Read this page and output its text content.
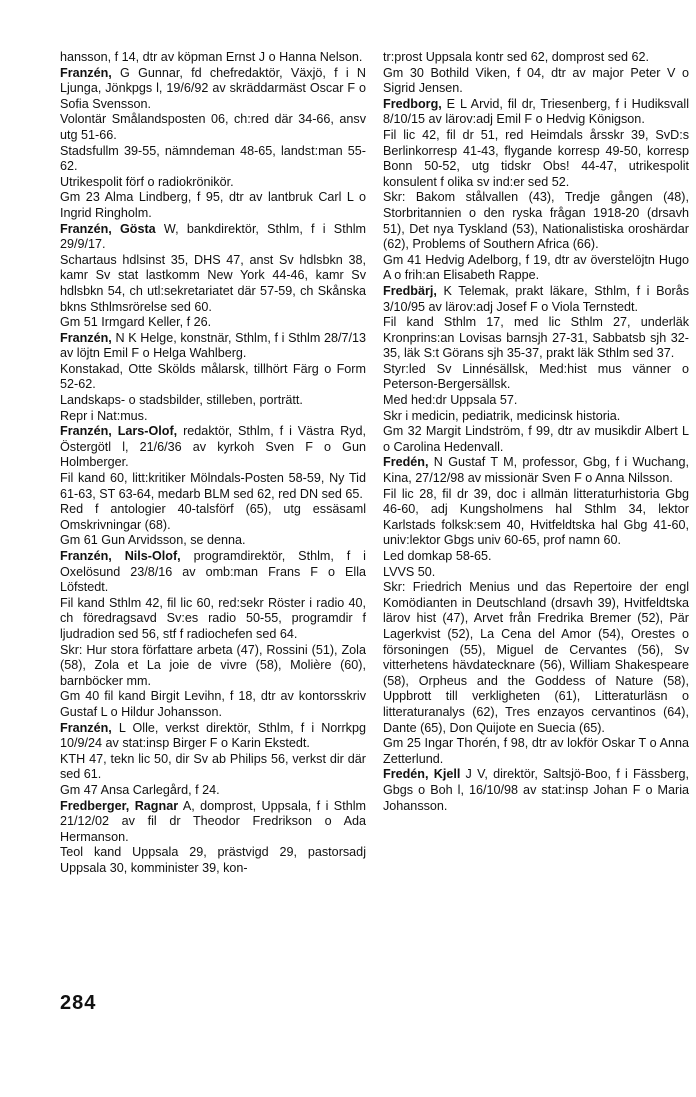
hansson, f 14, dtr av köpman Ernst J o Hanna Nelson.

Franzén, G Gunnar, fd chefredaktör, Växjö, f i N Ljunga, Jönkpgs l, 19/6/92 av skräddarmäst Oscar F o Sofia Svensson.

Volontär Smålandsposten 06, ch:red där 34-66, ansv utg 51-66.

Stadsfullm 39-55, nämndeman 48-65, landst:man 55-62.

Utrikespolit förf o radiokrönikör.

Gm 23 Alma Lindberg, f 95, dtr av lantbruk Carl L o Ingrid Ringholm.

Franzén, Gösta W, bankdirektör, Sthlm, f i Sthlm 29/9/17.

Schartaus hdlsinst 35, DHS 47, anst Sv hdlsbkn 38, kamr Sv stat lastkomm New York 44-46, kamr Sv hdlsbkn 54, ch utl:sekretariatet där 57-59, ch Skånska bkns Sthlmsrörelse sed 60.

Gm 51 Irmgard Keller, f 26.

Franzén, N K Helge, konstnär, Sthlm, f i Sthlm 28/7/13 av löjtn Emil F o Helga Wahlberg.

Konstakad, Otte Skölds målarsk, tillhört Färg o Form 52-62.

Landskaps- o stadsbilder, stilleben, porträtt.

Repr i Nat:mus.

Franzén, Lars-Olof, redaktör, Sthlm, f i Västra Ryd, Östergötl l, 21/6/36 av kyrkoh Sven F o Gun Holmberger.

Fil kand 60, litt:kritiker Mölndals-Posten 58-59, Ny Tid 61-63, ST 63-64, medarb BLM sed 62, red DN sed 65.

Red f antologier 40-talsförf (65), utg essäsaml Omskrivningar (68).

Gm 61 Gun Arvidsson, se denna.

Franzén, Nils-Olof, programdirektör, Sthlm, f i Oxelösund 23/8/16 av omb:man Frans F o Ella Löfstedt.

Fil kand Sthlm 42, fil lic 60, red:sekr Röster i radio 40, ch föredragsavd Sv:es radio 50-55, programdir f ljudradion sed 56, stf f radiochefen sed 64.

Skr: Hur stora författare arbeta (47), Rossini (51), Zola (58), Zola et La joie de vivre (58), Molière (60), barnböcker mm.

Gm 40 fil kand Birgit Levihn, f 18, dtr av kontorsskriv Gustaf L o Hildur Johansson.

Franzén, L Olle, verkst direktör, Sthlm, f i Norrkpg 10/9/24 av stat:insp Birger F o Karin Ekstedt.

KTH 47, tekn lic 50, dir Sv ab Philips 56, verkst dir där sed 61.

Gm 47 Ansa Carlegård, f 24.

Fredberger, Ragnar A, domprost, Uppsala, f i Sthlm 21/12/02 av fil dr Theodor Fredrikson o Ada Hermanson.

Teol kand Uppsala 29, prästvigd 29, pastorsadj Uppsala 30, komminister 39, kon-

tr:prost Uppsala kontr sed 62, domprost sed 62.

Gm 30 Bothild Viken, f 04, dtr av major Peter V o Sigrid Jensen.

Fredborg, E L Arvid, fil dr, Triesenberg, f i Hudiksvall 8/10/15 av lärov:adj Emil F o Hedvig Königson.

Fil lic 42, fil dr 51, red Heimdals årsskr 39, SvD:s Berlinkorresp 41-43, flygande korresp 49-50, korresp Bonn 50-52, utg tidskr Obs! 44-47, utrikespolit konsulent f olika sv ind:er sed 52.

Skr: Bakom stålvallen (43), Tredje gången (48), Storbritannien o den ryska frågan 1918-20 (drsavh 51), Det nya Tyskland (53), Nationalistiska oroshärdar (62), Problems of Southern Africa (66).

Gm 41 Hedvig Adelborg, f 19, dtr av överstelöjtn Hugo A o frih:an Elisabeth Rappe.

Fredbärj, K Telemak, prakt läkare, Sthlm, f i Borås 3/10/95 av lärov:adj Josef F o Viola Ternstedt.

Fil kand Sthlm 17, med lic Sthlm 27, underläk Kronprins:an Lovisas barnsjh 27-31, Sabbatsb sjh 32-35, läk S:t Görans sjh 35-37, prakt läk Sthlm sed 37.

Styr:led Sv Linnésällsk, Med:hist mus vänner o Peterson-Bergersällsk.

Med hed:dr Uppsala 57.

Skr i medicin, pediatrik, medicinsk historia.

Gm 32 Margit Lindström, f 99, dtr av musikdir Albert L o Carolina Hedenvall.

Fredén, N Gustaf T M, professor, Gbg, f i Wuchang, Kina, 27/12/98 av missionär Sven F o Anna Nilsson.

Fil lic 28, fil dr 39, doc i allmän litteraturhistoria Gbg 46-60, adj Kungsholmens hal Sthlm 34, lektor Karlstads folksk:sem 40, Hvitfeldtska hal Gbg 41-60, univ:lektor Gbgs univ 60-65, prof namn 60.

Led domkap 58-65.

LVVS 50.

Skr: Friedrich Menius und das Repertoire der engl Komödianten in Deutschland (drsavh 39), Hvitfeldtska lärov hist (47), Arvet från Fredrika Bremer (52), Pär Lagerkvist (52), La Cena del Amor (54), Orestes o försoningen (55), Miguel de Cervantes (56), Sv vitterhetens hävdatecknare (56), William Shakespeare (58), Orpheus and the Goddess of Nature (58), Uppbrott till verkligheten (61), Litteraturläsn o litteraturanalys (62), Tres enzayos cervantinos (64), Dante (65), Don Quijote en Suecia (65).

Gm 25 Ingar Thorén, f 98, dtr av lokför Oskar T o Anna Zetterlund.

Fredén, Kjell J V, direktör, Saltsjö-Boo, f i Fässberg, Gbgs o Boh l, 16/10/98 av stat:insp Johan F o Maria Johansson.

284
